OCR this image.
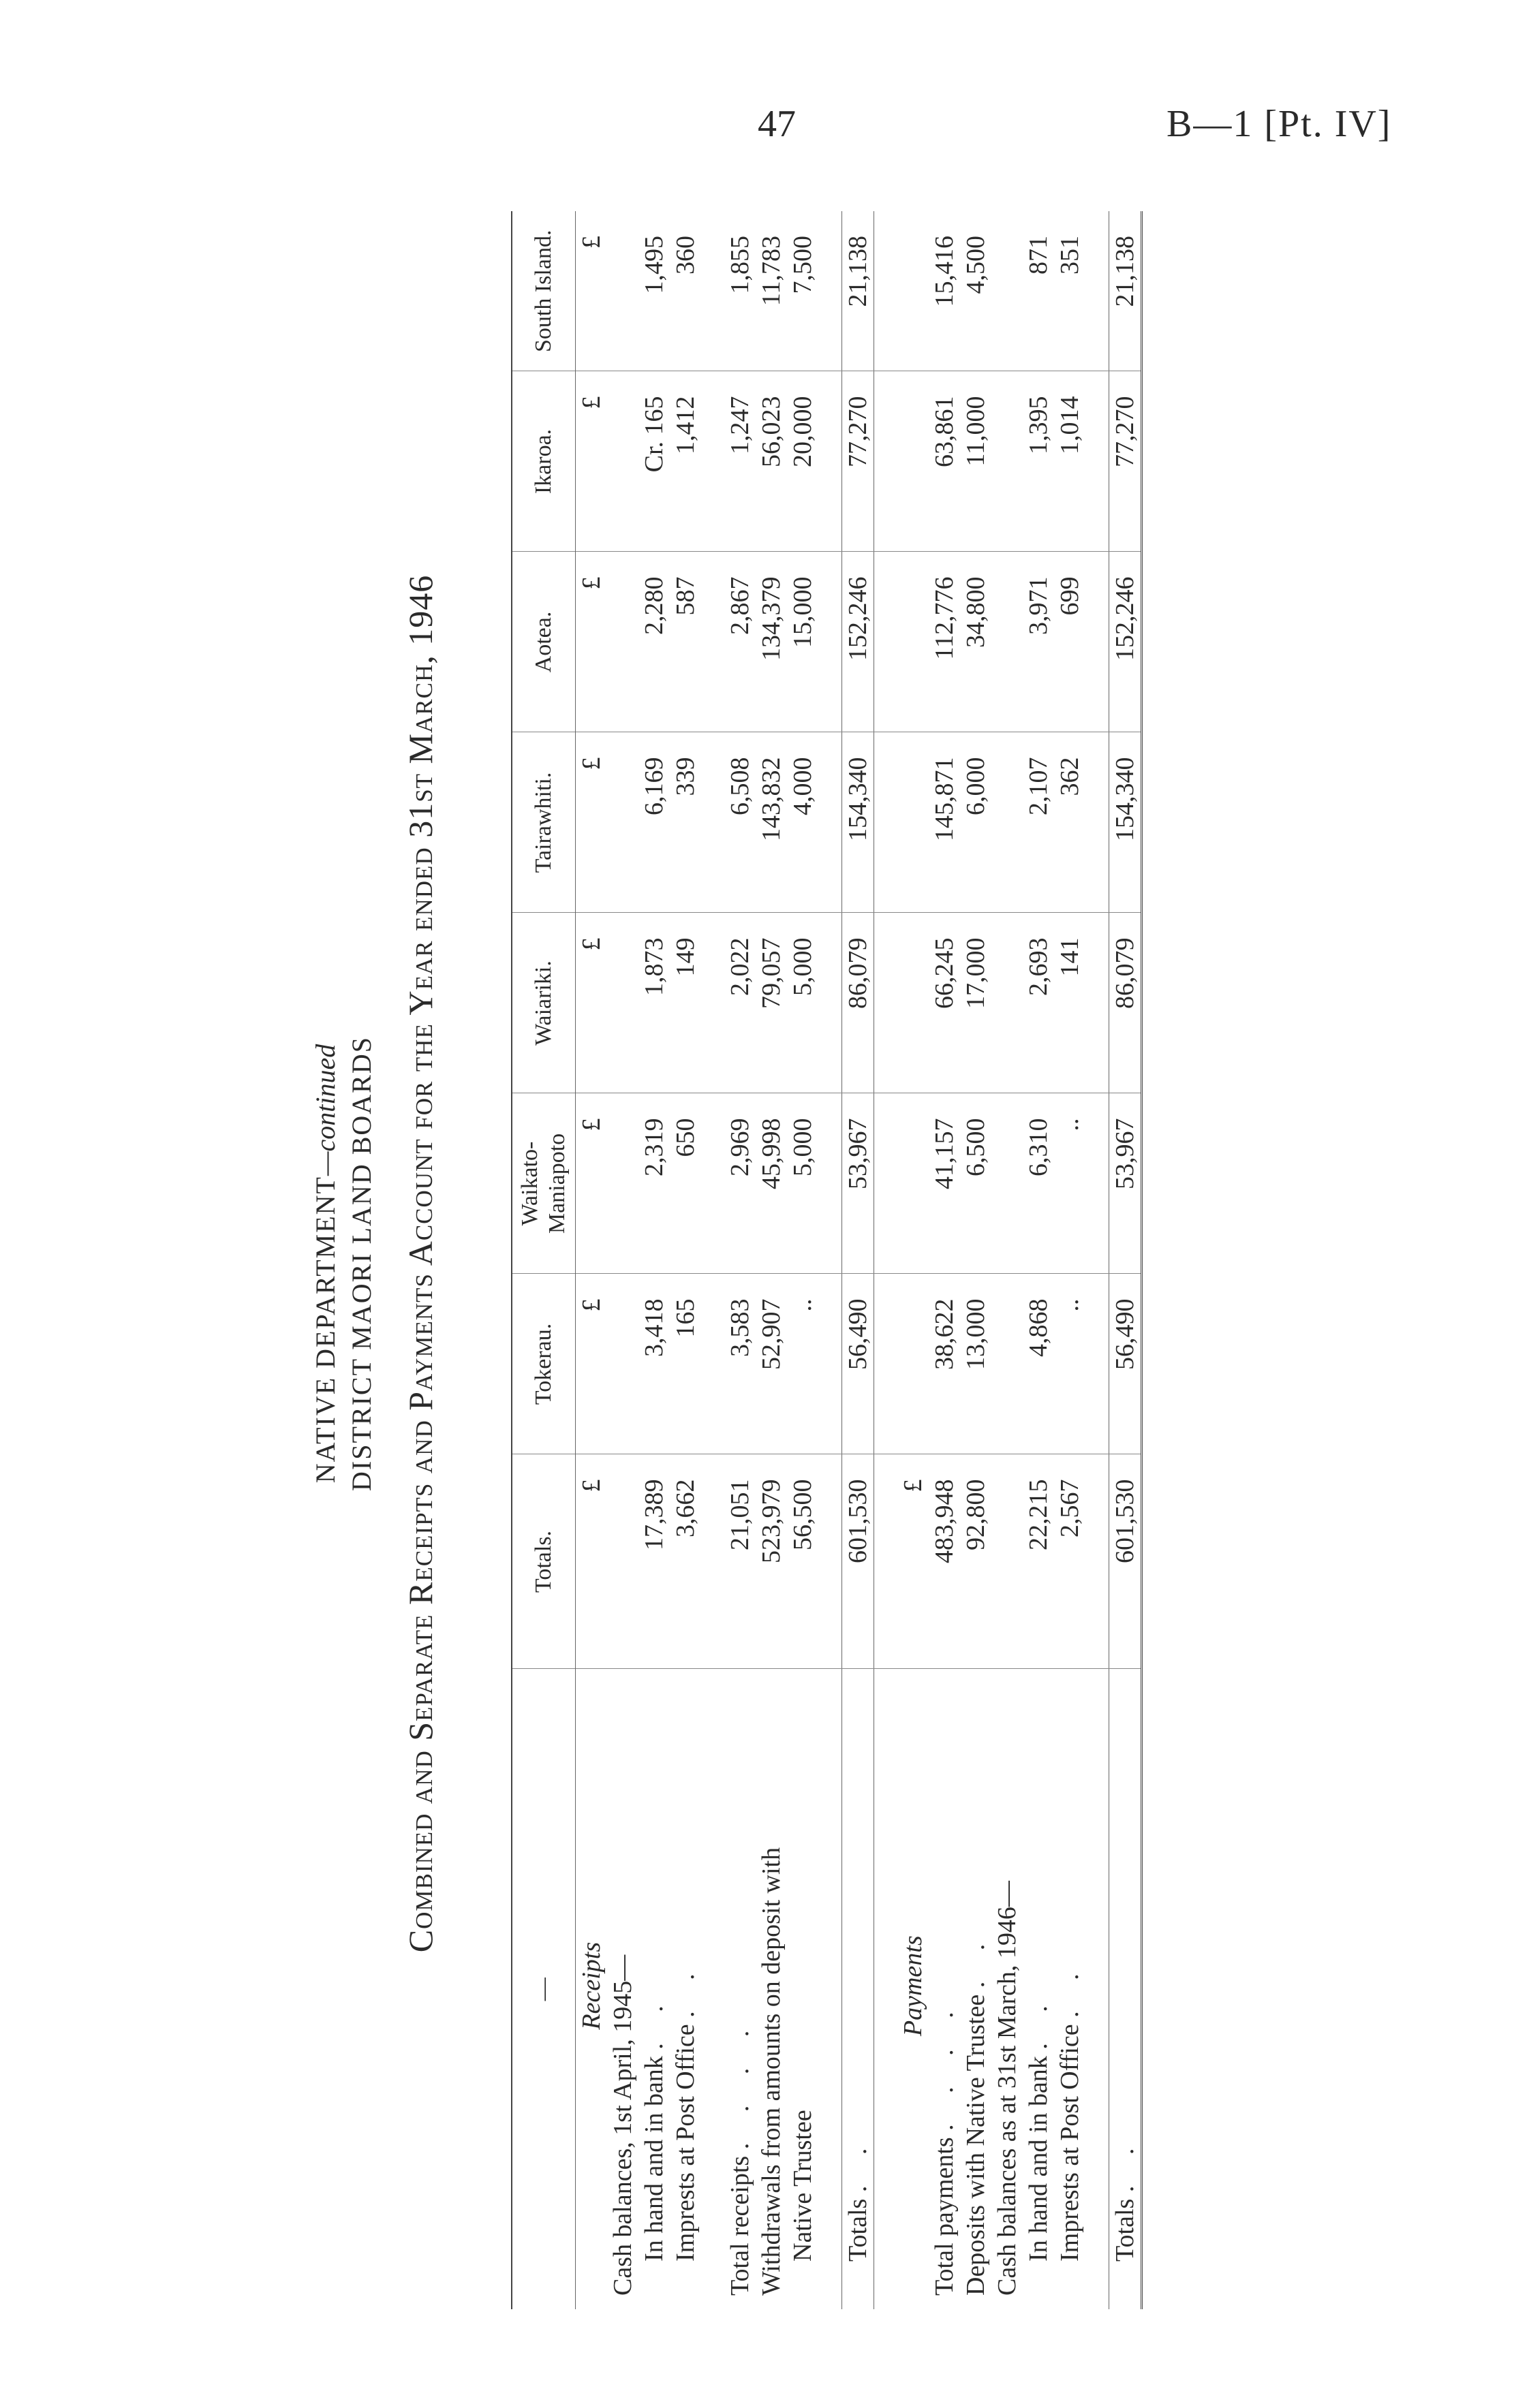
47	B—1 [Pt. IV]
NATIVE DEPARTMENT—continued DISTRICT MAORI LAND BOARDS Combined and Separate Receipts and Payments Account for the Year ended 31st March, 1946
—	Totals.	Tokerau.	Waikato-Maniapoto	Waiariki.	Tairawhiti.	Aotea.	Ikaroa.	South Island.
Receipts	£	£	£	£	£	£	£	£
Cash balances, 1st April, 1945—								
In hand and in bank . .	17,389	3,418	2,319	1,873	6,169	2,280	Cr. 165	1,495
Imprests at Post Office . .	3,662	165	650	149	339	587	1,412	360

Total receipts . . . .	21,051	3,583	2,969	2,022	6,508	2,867	1,247	1,855
Withdrawals from amounts on deposit with	523,979	52,907	45,998	79,057	143,832	134,379	56,023	11,783
Native Trustee	56,500	..	5,000	5,000	4,000	15,000	20,000	7,500

Totals . .	601,530	56,490	53,967	86,079	154,340	152,246	77,270	21,138

Payments	£							
Total payments . . . .	483,948	38,622	41,157	66,245	145,871	112,776	63,861	15,416
Deposits with Native Trustee . .	92,800	13,000	6,500	17,000	6,000	34,800	11,000	4,500
Cash balances as at 31st March, 1946—								
In hand and in bank . .	22,215	4,868	6,310	2,693	2,107	3,971	1,395	871
Imprests at Post Office . .	2,567	..	..	141	362	699	1,014	351

Totals . .	601,530	56,490	53,967	86,079	154,340	152,246	77,270	21,138
